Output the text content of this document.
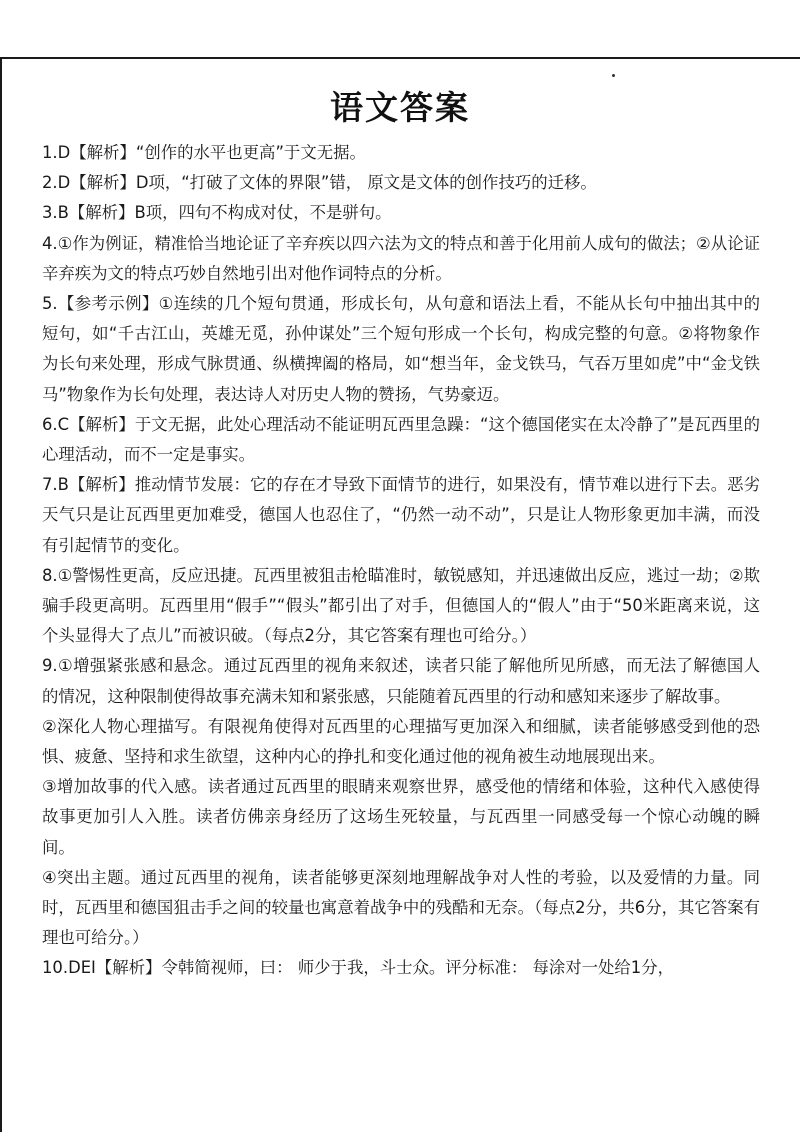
语文答案

1.D【解析】“创作的水平也更高”于文无据。

2.D【解析】D项，“打破了文体的界限”错， 原文是文体的创作技巧的迁移。

3.B【解析】B项，四句不构成对仗，不是骈句。

4.①作为例证，精准恰当地论证了辛弃疾以四六法为文的特点和善于化用前人成句的做法；②从论证辛弃疾为文的特点巧妙自然地引出对他作词特点的分析。

5.【参考示例】①连续的几个短句贯通，形成长句，从句意和语法上看，不能从长句中抽出其中的短句，如“千古江山，英雄无觅，孙仲谋处”三个短句形成一个长句，构成完整的句意。②将物象作为长句来处理，形成气脉贯通、纵横捭阖的格局，如“想当年，金戈铁马，气吞万里如虎”中“金戈铁马”物象作为长句处理，表达诗人对历史人物的赞扬，气势豪迈。

6.C【解析】于文无据，此处心理活动不能证明瓦西里急躁：“这个德国佬实在太冷静了”是瓦西里的心理活动，而不一定是事实。

7.B【解析】推动情节发展：它的存在才导致下面情节的进行，如果没有，情节难以进行下去。恶劣天气只是让瓦西里更加难受，德国人也忍住了，“仍然一动不动”，只是让人物形象更加丰满，而没有引起情节的变化。

8.①警惕性更高，反应迅捷。瓦西里被狙击枪瞄准时，敏锐感知，并迅速做出反应，逃过一劫；②欺骗手段更高明。瓦西里用“假手”“假头”都引出了对手，但德国人的“假人”由于“50米距离来说，这个头显得大了点儿”而被识破。（每点2分，其它答案有理也可给分。）

9.①增强紧张感和悬念。通过瓦西里的视角来叙述，读者只能了解他所见所感，而无法了解德国人的情况，这种限制使得故事充满未知和紧张感，只能随着瓦西里的行动和感知来逐步了解故事。

②深化人物心理描写。有限视角使得对瓦西里的心理描写更加深入和细腻，读者能够感受到他的恐惧、疲惫、坚持和求生欲望，这种内心的挣扎和变化通过他的视角被生动地展现出来。

③增加故事的代入感。读者通过瓦西里的眼睛来观察世界，感受他的情绪和体验，这种代入感使得故事更加引人入胜。读者仿佛亲身经历了这场生死较量，与瓦西里一同感受每一个惊心动魄的瞬间。

④突出主题。通过瓦西里的视角，读者能够更深刻地理解战争对人性的考验，以及爱情的力量。同时，瓦西里和德国狙击手之间的较量也寓意着战争中的残酷和无奈。（每点2分，共6分，其它答案有理也可给分。）

10.DEI【解析】令韩简视师，曰： 师少于我，斗士众。评分标准： 每涂对一处给1分，
